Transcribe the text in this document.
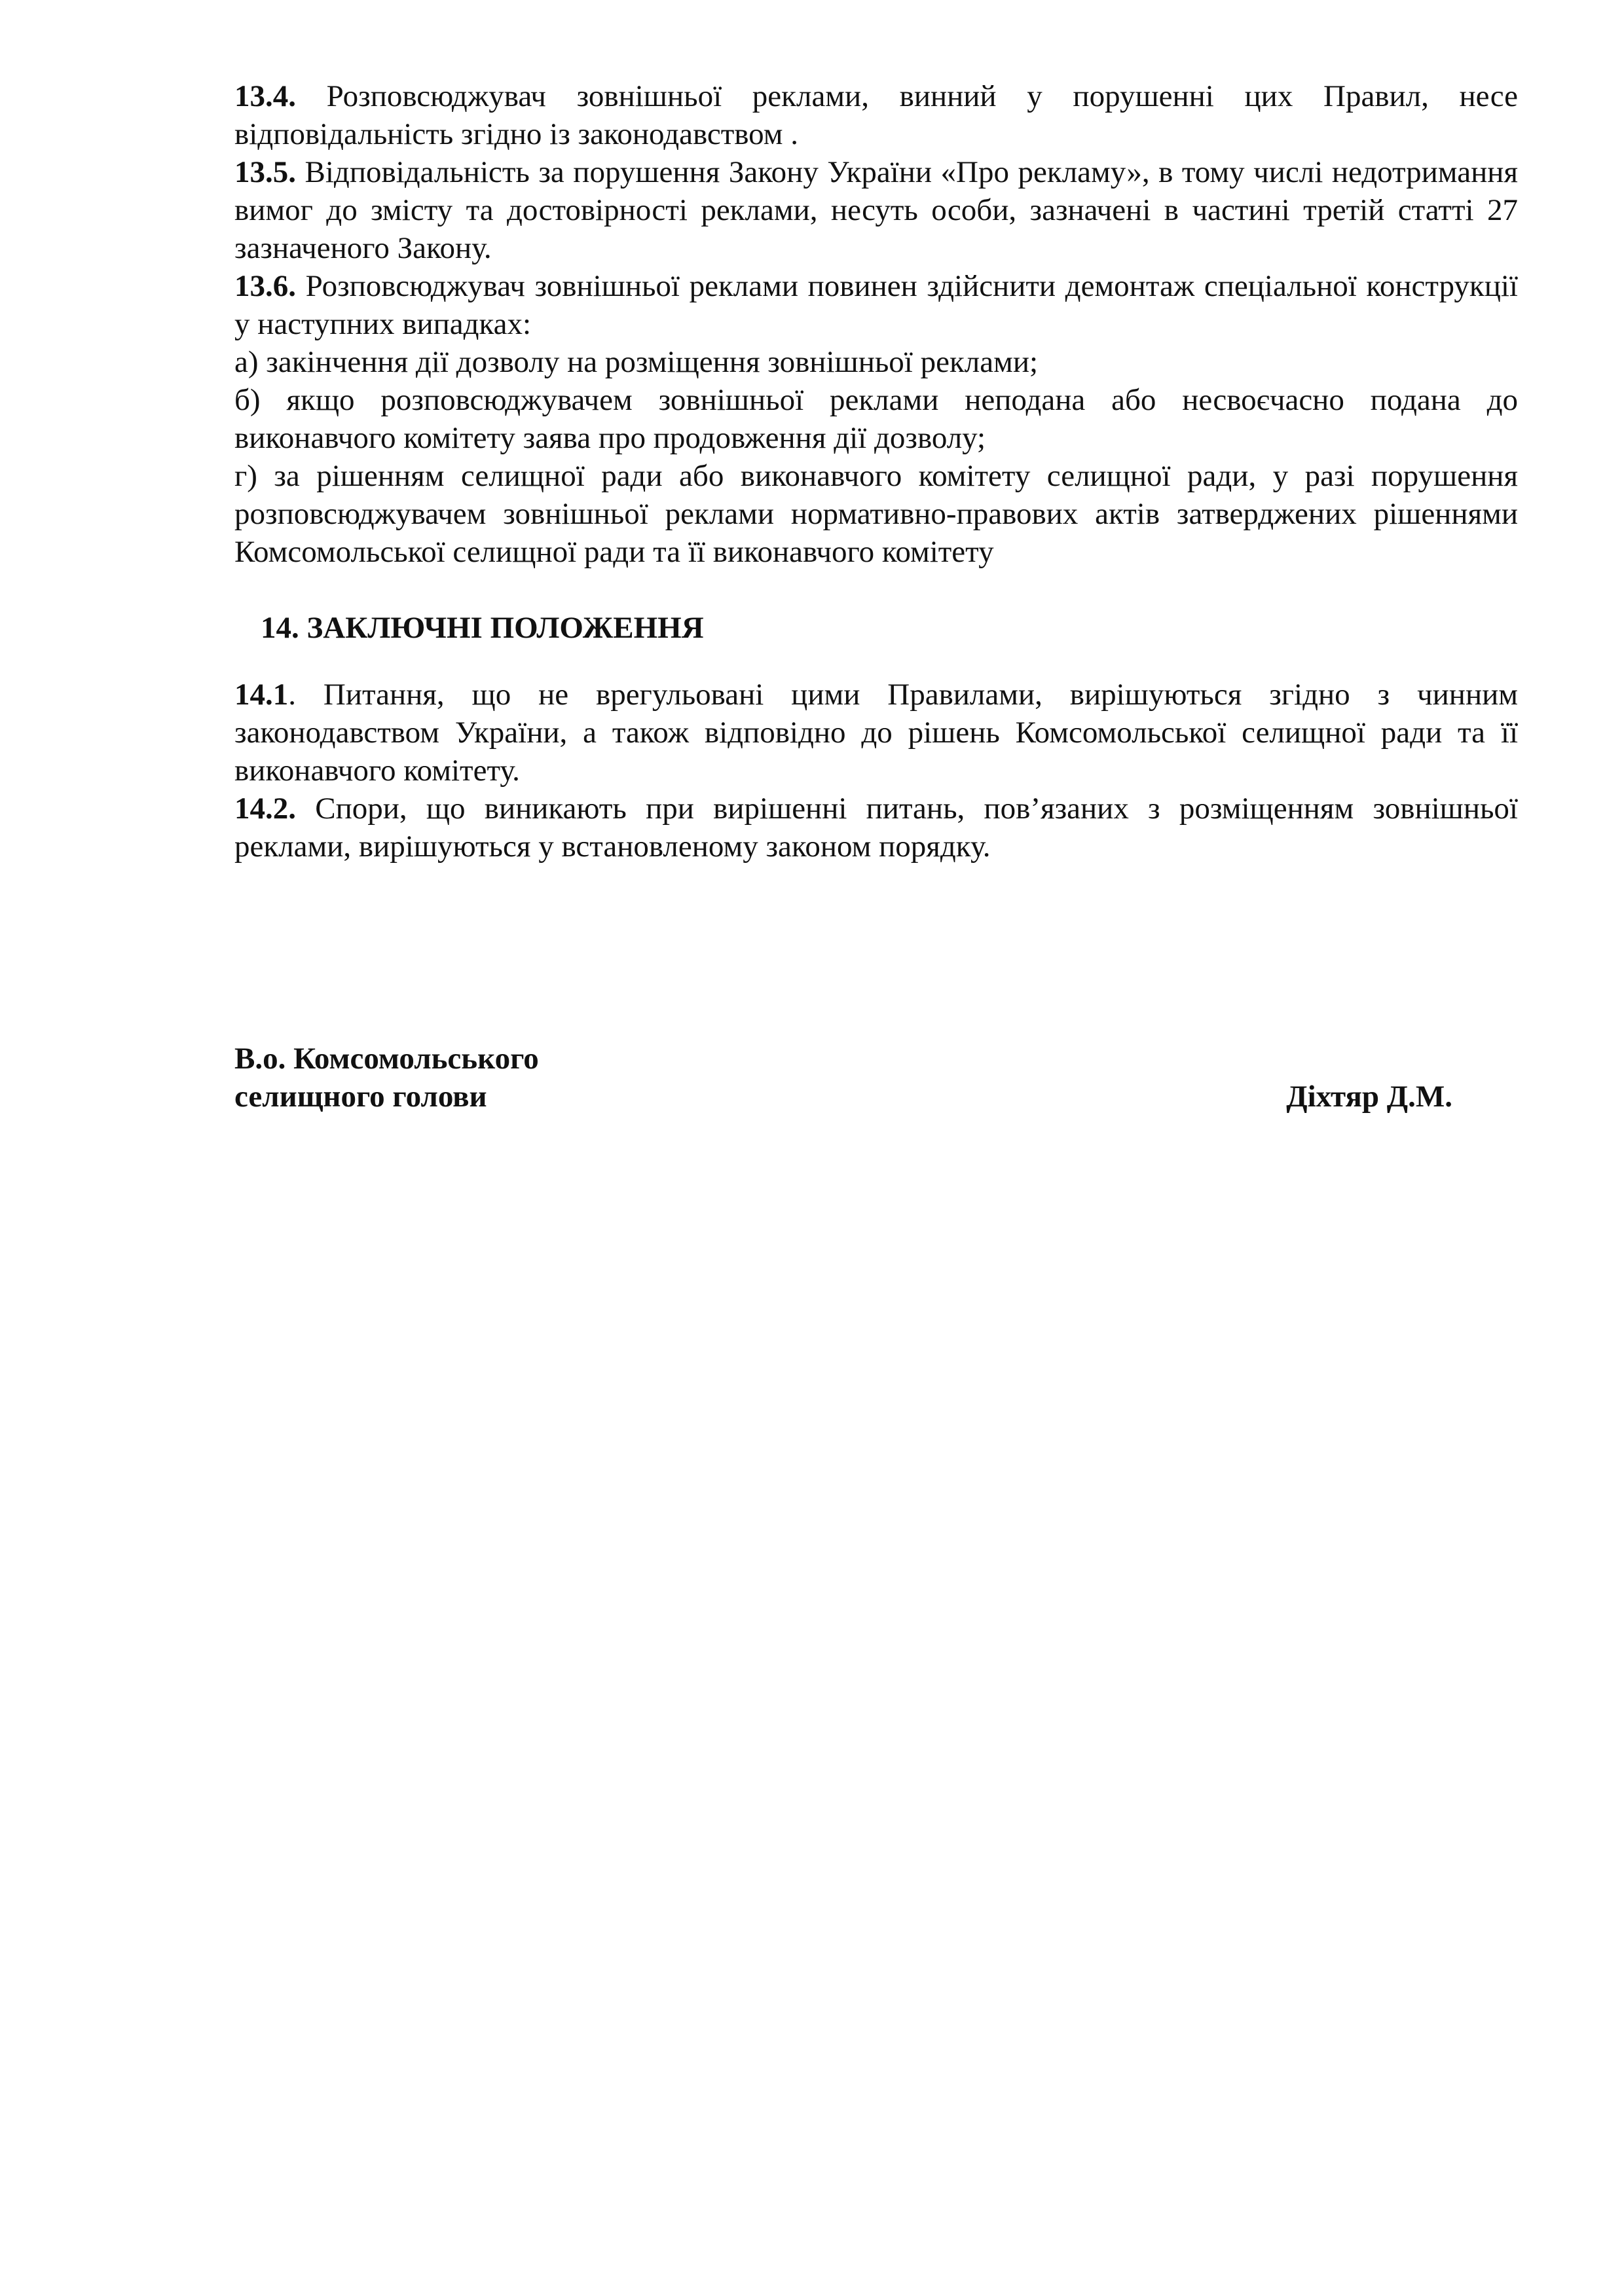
13.4. Розповсюджувач зовнішньої реклами, винний у порушенні цих Правил, несе відповідальність згідно із законодавством .

13.5. Відповідальність за порушення Закону України «Про рекламу», в тому числі недотримання вимог до змісту та достовірності реклами, несуть особи, зазначені в частині третій статті 27 зазначеного Закону.

13.6. Розповсюджувач зовнішньої реклами повинен здійснити демонтаж спеціальної конструкції у наступних випадках:

а) закінчення дії дозволу на розміщення зовнішньої реклами;

б) якщо розповсюджувачем зовнішньої реклами неподана або несвоєчасно подана до виконавчого комітету заява про продовження дії дозволу;

г) за рішенням селищної ради або виконавчого комітету селищної ради, у разі порушення розповсюджувачем зовнішньої реклами нормативно-правових актів затверджених рішеннями Комсомольської селищної ради та її виконавчого комітету

14. ЗАКЛЮЧНІ ПОЛОЖЕННЯ

14.1. Питання, що не врегульовані цими Правилами, вирішуються згідно з чинним законодавством України, а також відповідно до рішень Комсомольської селищної ради та її виконавчого комітету.

14.2. Спори, що виникають при вирішенні питань, пов’язаних з розміщенням зовнішньої реклами, вирішуються у встановленому законом порядку.

В.о. Комсомольського
селищного голови	Діхтяр Д.М.
